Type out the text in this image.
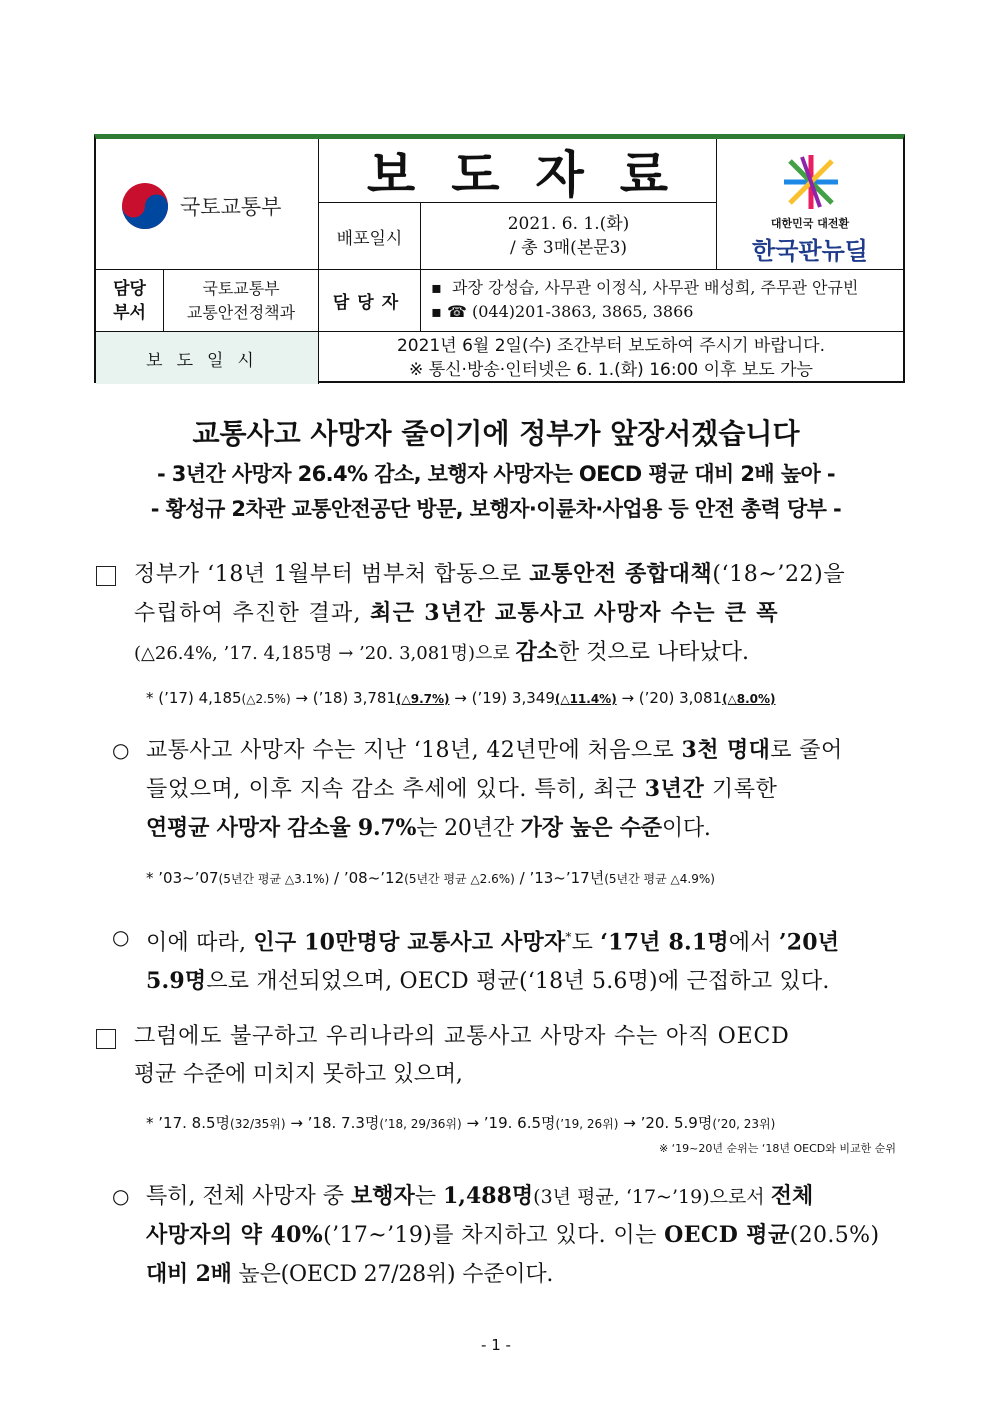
국토교통부
보도자료
배포일시
2021. 6. 1.(화)
/ 총 3매(본문3)
대한민국 대전환
한국판뉴딜
담당
부서
국토교통부
교통안전정책과	담당자
▪  과장 강성습, 사무관 이정식, 사무관 배성희, 주무관 안규빈
▪ ☎ (044)201-3863, 3865, 3866
보도일시
2021년 6월 2일(수) 조간부터 보도하여 주시기 바랍니다.
※ 통신·방송·인터넷은 6. 1.(화) 16:00 이후 보도 가능
교통사고 사망자 줄이기에 정부가 앞장서겠습니다
- 3년간 사망자 26.4% 감소, 보행자 사망자는 OECD 평균 대비 2배 높아 -
- 황성규 2차관 교통안전공단 방문, 보행자·이륜차·사업용 등 안전 총력 당부 -
정부가 ‘18년 1월부터 범부처 합동으로 교통안전 종합대책(‘18~’22)을
수립하여 추진한 결과, 최근 3년간 교통사고 사망자 수는 큰 폭
(△26.4%, ’17. 4,185명 → ’20. 3,081명)으로 감소한 것으로 나타났다.
* (’17) 4,185(△2.5%) → (’18) 3,781(△9.7%) → (’19) 3,349(△11.4%) → (’20) 3,081(△8.0%)
○ 교통사고 사망자 수는 지난 ‘18년, 42년만에 처음으로 3천 명대로 줄어
들었으며, 이후 지속 감소 추세에 있다. 특히, 최근 3년간 기록한
연평균 사망자 감소율 9.7%는 20년간 가장 높은 수준이다.
* ’03~’07(5년간 평균 △3.1%) / ’08~’12(5년간 평균 △2.6%) / ’13~’17년(5년간 평균 △4.9%)
○ 이에 따라, 인구 10만명당 교통사고 사망자*도 ‘17년 8.1명에서 ’20년
5.9명으로 개선되었으며, OECD 평균(‘18년 5.6명)에 근접하고 있다.
그럼에도 불구하고 우리나라의 교통사고 사망자 수는 아직 OECD
평균 수준에 미치지 못하고 있으며,
* ’17. 8.5명(32/35위) → ’18. 7.3명(’18, 29/36위) → ’19. 6.5명(’19, 26위) → ’20. 5.9명(’20, 23위)
※ ‘19~20년 순위는 ‘18년 OECD와 비교한 순위
○ 특히, 전체 사망자 중 보행자는 1,488명(3년 평균, ‘17~’19)으로서 전체
사망자의 약 40%(’17~’19)를 차지하고 있다. 이는 OECD 평균(20.5%)
대비 2배 높은(OECD 27/28위) 수준이다.
- 1 -
